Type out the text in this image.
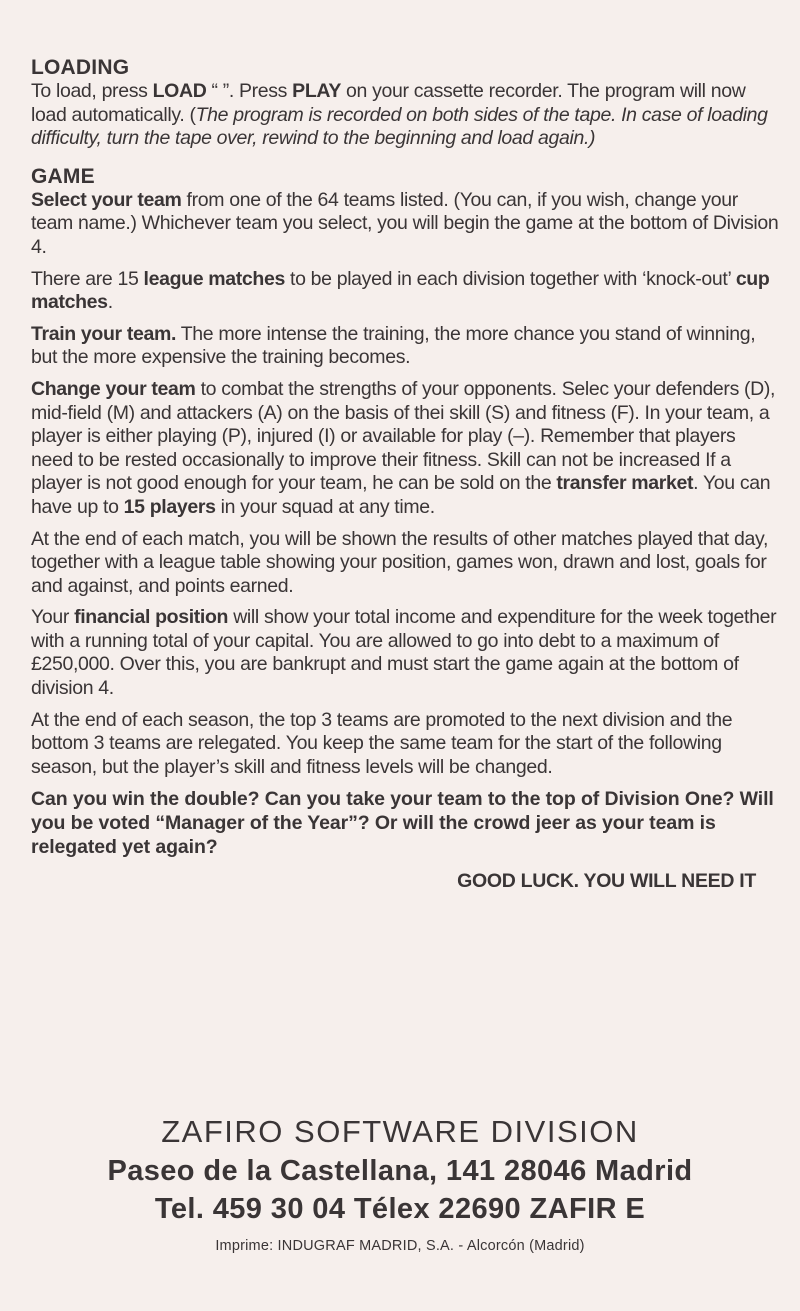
LOADING

To load, press LOAD “ ”. Press PLAY on your cassette recorder. The program will now load automatically. (The program is recorded on both sides of the tape. In case of loading difficulty, turn the tape over, rewind to the beginning and load again.)

GAME

Select your team from one of the 64 teams listed. (You can, if you wish, change your team name.) Whichever team you select, you will begin the game at the bottom of Division 4.

There are 15 league matches to be played in each division together with ‘knock-out’ cup matches.

Train your team. The more intense the training, the more chance you stand of winning, but the more expensive the training becomes.

Change your team to combat the strengths of your opponents. Selec your defenders (D), mid-field (M) and attackers (A) on the basis of thei skill (S) and fitness (F). In your team, a player is either playing (P), injured (I) or available for play (–). Remember that players need to be rested occasionally to improve their fitness. Skill can not be increased If a player is not good enough for your team, he can be sold on the transfer market. You can have up to 15 players in your squad at any time.

At the end of each match, you will be shown the results of other matches played that day, together with a league table showing your position, games won, drawn and lost, goals for and against, and points earned.

Your financial position will show your total income and expenditure for the week together with a running total of your capital. You are allowed to go into debt to a maximum of £250,000. Over this, you are bankrupt and must start the game again at the bottom of division 4.

At the end of each season, the top 3 teams are promoted to the next division and the bottom 3 teams are relegated. You keep the same team for the start of the following season, but the player’s skill and fitness levels will be changed.

Can you win the double? Can you take your team to the top of Division One? Will you be voted “Manager of the Year”? Or will the crowd jeer as your team is relegated yet again?

GOOD LUCK. YOU WILL NEED IT

ZAFIRO SOFTWARE DIVISION

Paseo de la Castellana, 141 28046 Madrid

Tel. 459 30 04 Télex 22690 ZAFIR E

Imprime: INDUGRAF MADRID, S.A. - Alcorcón (Madrid)
